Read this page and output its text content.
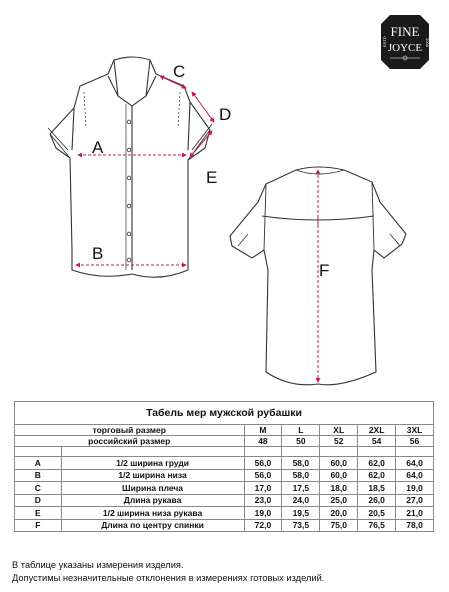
FINE
JOYCE
ESTD	2008
A
B
C
D
E
F
Табель мер мужской рубашки						
торговый размер		M	L	XL	2XL	3XL
российский размер		48	50	52	54	56

A	1/2 ширина груди	56,0	58,0	60,0	62,0	64,0
B	1/2 ширина низа	56,0	58,0	60,0	62,0	64,0
C	Ширина плеча	17,0	17,5	18,0	18,5	19,0
D	Длина рукава	23,0	24,0	25,0	26,0	27,0
E	1/2 ширина низа рукава	19,0	19,5	20,0	20,5	21,0
F	Длина по центру спинки	72,0	73,5	75,0	76,5	78,0
В таблице указаны измерения изделия.
Допустимы незначительные отклонения в измерениях готовых изделий.
